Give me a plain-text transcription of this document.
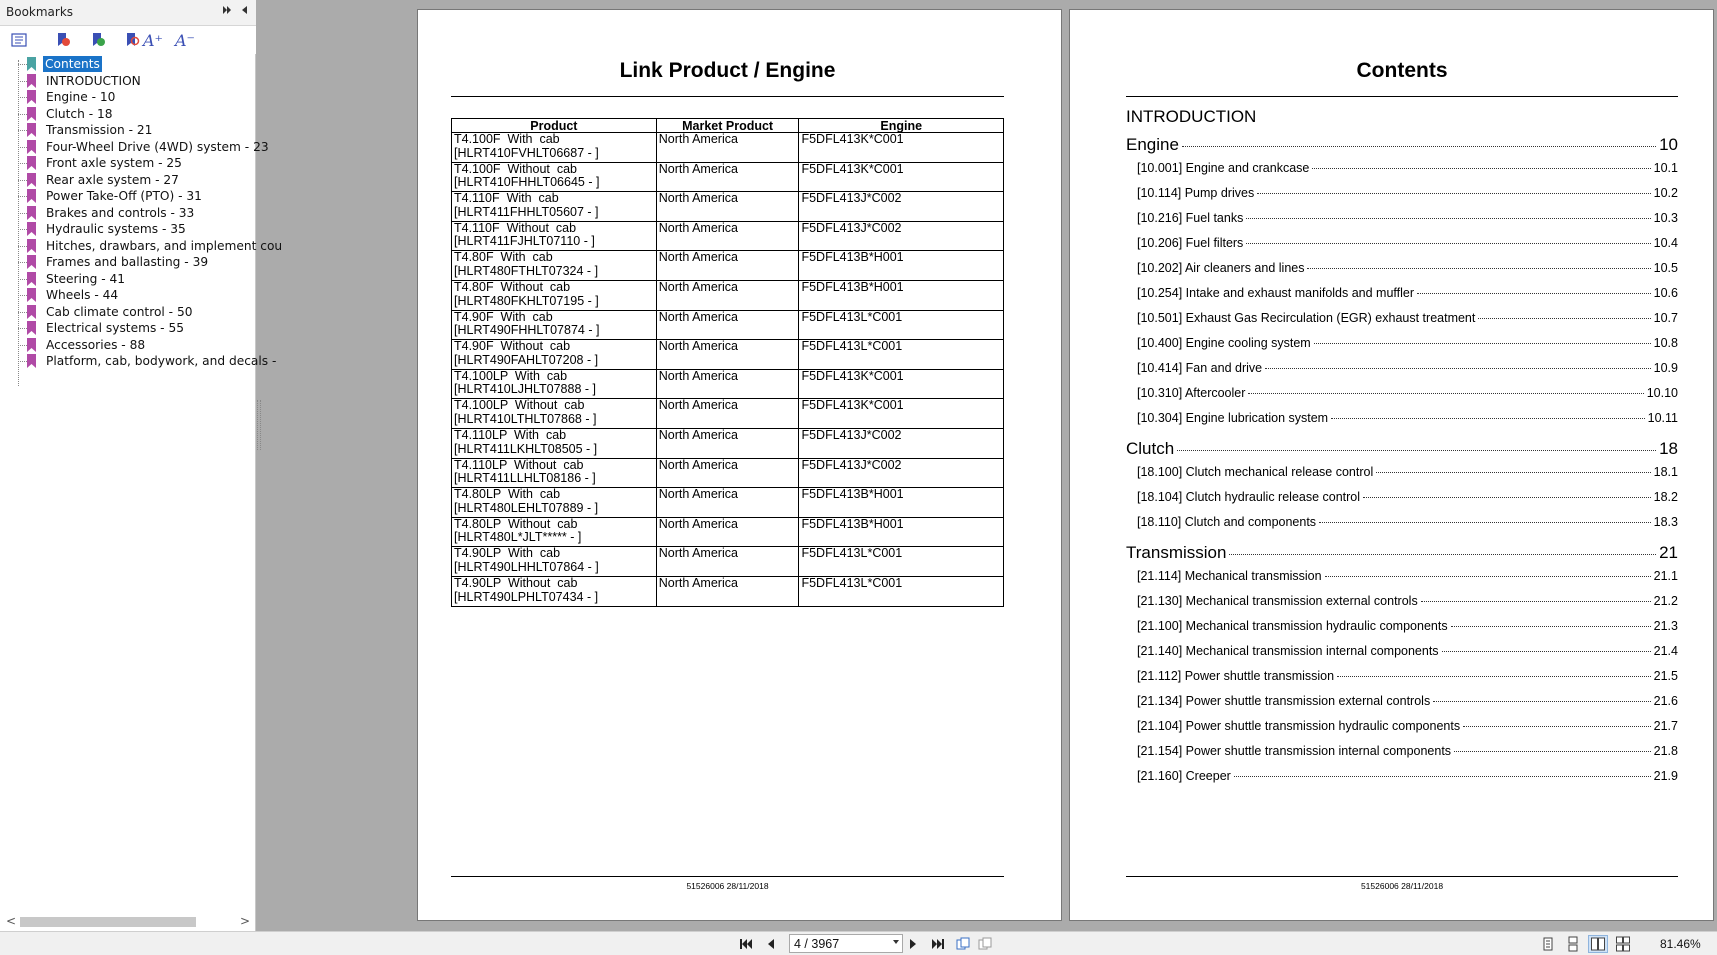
Bookmarks
A⁺ A⁻
Contents
INTRODUCTION
Engine - 10
Clutch - 18
Transmission - 21
Four-Wheel Drive (4WD) system - 23
Front axle system - 25
Rear axle system - 27
Power Take-Off (PTO) - 31
Brakes and controls - 33
Hydraulic systems - 35
Hitches, drawbars, and implement cou
Frames and ballasting - 39
Steering - 41
Wheels - 44
Cab climate control - 50
Electrical systems - 55
Accessories - 88
Platform, cab, bodywork, and decals -
<	>
Link Product / Engine
Product	Market Product	Engine

T4.100F  With  cab
[HLRT410FVHLT06687 - ]	North America	F5DFL413K*C001

T4.100F  Without  cab
[HLRT410FHHLT06645 - ]	North America	F5DFL413K*C001

T4.110F  With  cab
[HLRT411FHHLT05607 - ]	North America	F5DFL413J*C002

T4.110F  Without  cab
[HLRT411FJHLT07110 - ]	North America	F5DFL413J*C002

T4.80F  With  cab
[HLRT480FTHLT07324 - ]	North America	F5DFL413B*H001

T4.80F  Without  cab
[HLRT480FKHLT07195 - ]	North America	F5DFL413B*H001

T4.90F  With  cab
[HLRT490FHHLT07874 - ]	North America	F5DFL413L*C001

T4.90F  Without  cab
[HLRT490FAHLT07208 - ]	North America	F5DFL413L*C001

T4.100LP  With  cab
[HLRT410LJHLT07888 - ]	North America	F5DFL413K*C001

T4.100LP  Without  cab
[HLRT410LTHLT07868 - ]	North America	F5DFL413K*C001

T4.110LP  With  cab
[HLRT411LKHLT08505 - ]	North America	F5DFL413J*C002

T4.110LP  Without  cab
[HLRT411LLHLT08186 - ]	North America	F5DFL413J*C002

T4.80LP  With  cab
[HLRT480LEHLT07889 - ]	North America	F5DFL413B*H001

T4.80LP  Without  cab
[HLRT480L*JLT***** - ]	North America	F5DFL413B*H001

T4.90LP  With  cab
[HLRT490LHHLT07864 - ]	North America	F5DFL413L*C001

T4.90LP  Without  cab
[HLRT490LPHLT07434 - ]	North America	F5DFL413L*C001
51526006 28/11/2018
Contents
INTRODUCTION
Engine	10
[10.001] Engine and crankcase	10.1
[10.114] Pump drives	10.2
[10.216] Fuel tanks	10.3
[10.206] Fuel filters	10.4
[10.202] Air cleaners and lines	10.5
[10.254] Intake and exhaust manifolds and muffler	10.6
[10.501] Exhaust Gas Recirculation (EGR) exhaust treatment	10.7
[10.400] Engine cooling system	10.8
[10.414] Fan and drive	10.9
[10.310] Aftercooler	10.10
[10.304] Engine lubrication system	10.11
Clutch	18
[18.100] Clutch mechanical release control	18.1
[18.104] Clutch hydraulic release control	18.2
[18.110] Clutch and components	18.3
Transmission	21
[21.114] Mechanical transmission	21.1
[21.130] Mechanical transmission external controls	21.2
[21.100] Mechanical transmission hydraulic components	21.3
[21.140] Mechanical transmission internal components	21.4
[21.112] Power shuttle transmission	21.5
[21.134] Power shuttle transmission external controls	21.6
[21.104] Power shuttle transmission hydraulic components	21.7
[21.154] Power shuttle transmission internal components	21.8
[21.160] Creeper	21.9
51526006 28/11/2018
4 / 3967	81.46%
